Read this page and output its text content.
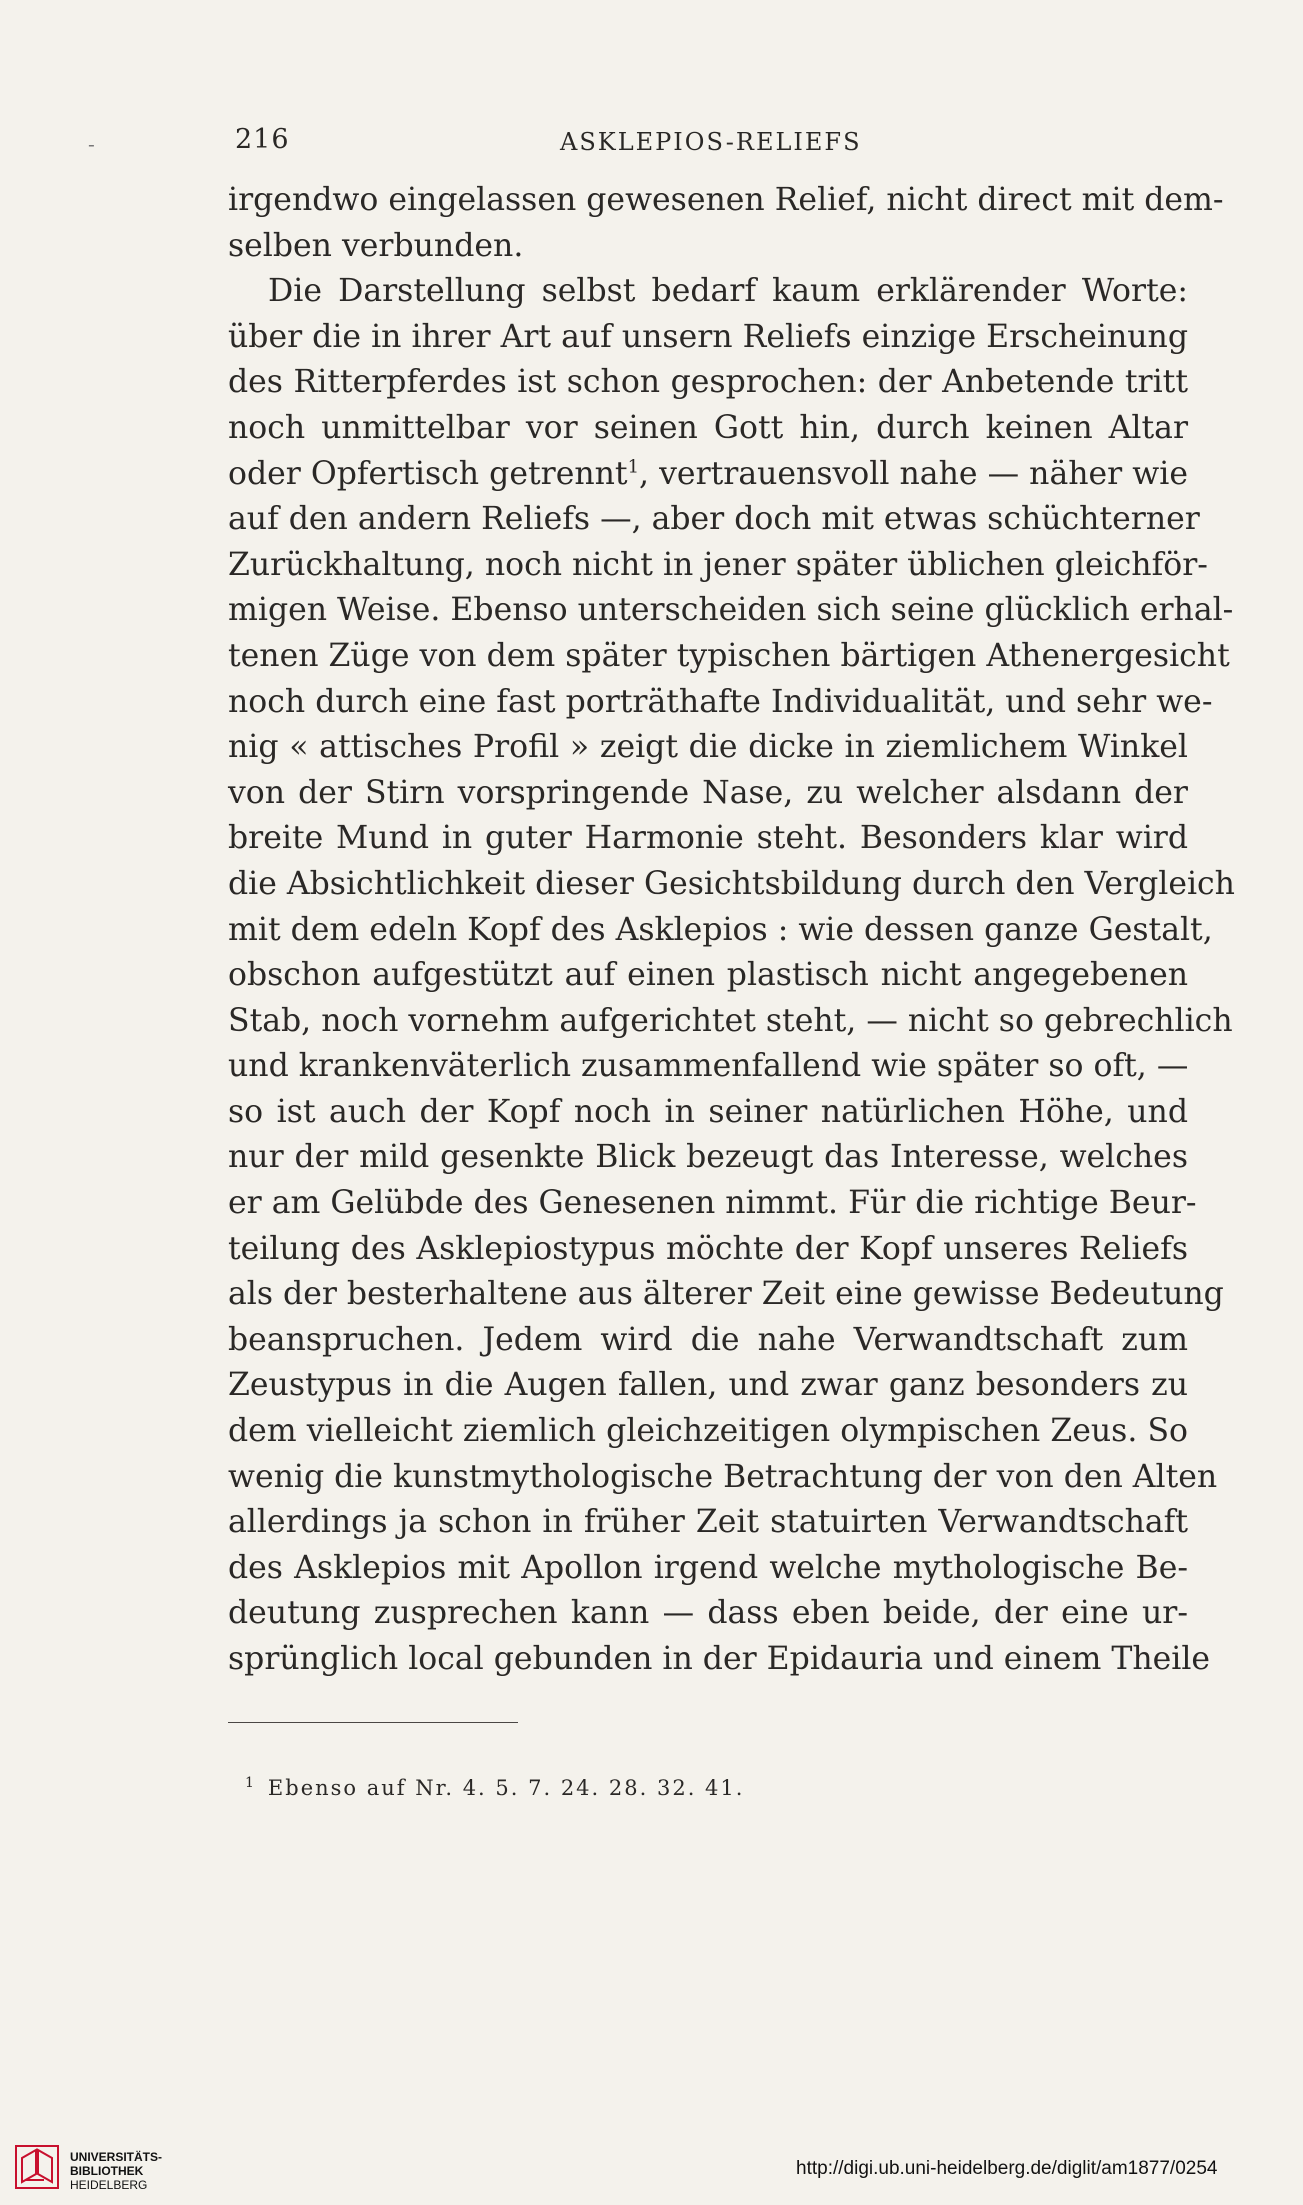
-	216	ASKLEPIOS-RELIEFS
irgendwo eingelassen gewesenen Relief, nicht direct mit dem-
selben verbunden.
Die Darstellung selbst bedarf kaum erklärender Worte:
über die in ihrer Art auf unsern Reliefs einzige Erscheinung
des Ritterpferdes ist schon gesprochen: der Anbetende tritt
noch unmittelbar vor seinen Gott hin, durch keinen Altar
oder Opfertisch getrennt$^1$, vertrauensvoll nahe — näher wie
auf den andern Reliefs —, aber doch mit etwas schüchterner
Zurückhaltung, noch nicht in jener später üblichen gleichför-
migen Weise. Ebenso unterscheiden sich seine glücklich erhal-
tenen Züge von dem später typischen bärtigen Athenergesicht
noch durch eine fast porträthafte Individualität, und sehr we-
nig « attisches Profil » zeigt die dicke in ziemlichem Winkel
von der Stirn vorspringende Nase, zu welcher alsdann der
breite Mund in guter Harmonie steht. Besonders klar wird
die Absichtlichkeit dieser Gesichtsbildung durch den Vergleich
mit dem edeln Kopf des Asklepios : wie dessen ganze Gestalt,
obschon aufgestützt auf einen plastisch nicht angegebenen
Stab, noch vornehm aufgerichtet steht, — nicht so gebrechlich
und krankenväterlich zusammenfallend wie später so oft, —
so ist auch der Kopf noch in seiner natürlichen Höhe, und
nur der mild gesenkte Blick bezeugt das Interesse, welches
er am Gelübde des Genesenen nimmt. Für die richtige Beur-
teilung des Asklepiostypus möchte der Kopf unseres Reliefs
als der besterhaltene aus älterer Zeit eine gewisse Bedeutung
beanspruchen. Jedem wird die nahe Verwandtschaft zum
Zeustypus in die Augen fallen, und zwar ganz besonders zu
dem vielleicht ziemlich gleichzeitigen olympischen Zeus. So
wenig die kunstmythologische Betrachtung der von den Alten
allerdings ja schon in früher Zeit statuirten Verwandtschaft
des Asklepios mit Apollon irgend welche mythologische Be-
deutung zusprechen kann — dass eben beide, der eine ur-
sprünglich local gebunden in der Epidauria und einem Theile
$^1$ Ebenso auf Nr. 4. 5. 7. 24. 28. 32. 41.
UNIVERSITÄTS-
BIBLIOTHEK
HEIDELBERG
http://digi.ub.uni-heidelberg.de/diglit/am1877/0254
